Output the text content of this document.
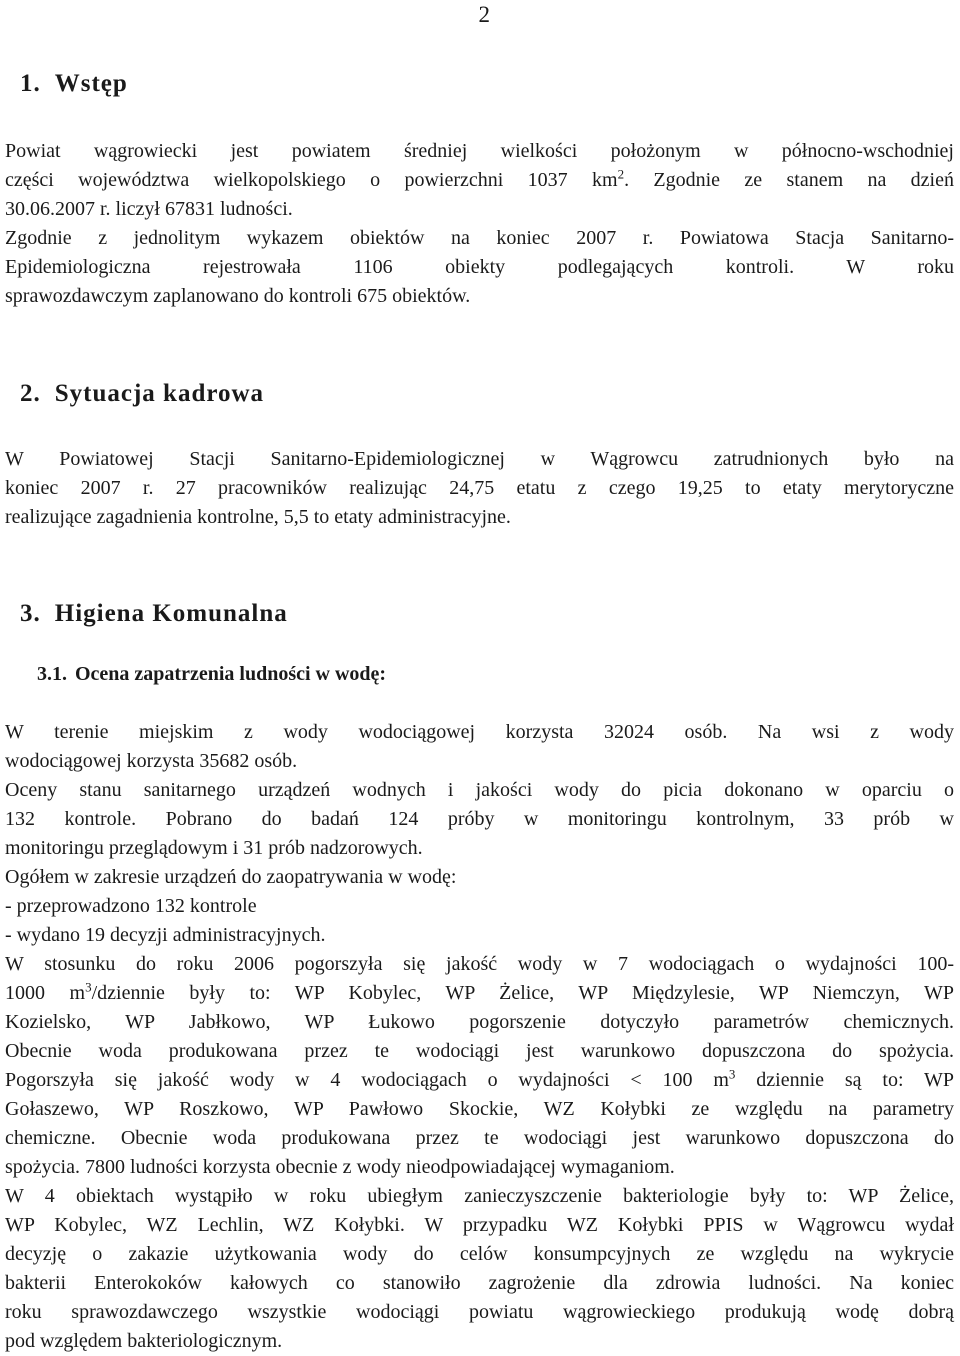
2
1. Wstęp
Powiat wągrowiecki jest powiatem średniej wielkości położonym w północno-wschodniej
części województwa wielkopolskiego o powierzchni 1037 $km^2$. Zgodnie ze stanem na dzień
30.06.2007 r. liczył 67831 ludności.
Zgodnie z jednolitym wykazem obiektów na koniec 2007 r. Powiatowa Stacja Sanitarno-
Epidemiologiczna rejestrowała 1106 obiekty podlegających kontroli. W roku
sprawozdawczym zaplanowano do kontroli 675 obiektów.
2. Sytuacja kadrowa
W Powiatowej Stacji Sanitarno-Epidemiologicznej w Wągrowcu zatrudnionych było na
koniec 2007 r. 27 pracowników realizując 24,75 etatu z czego 19,25 to etaty merytoryczne
realizujące zagadnienia kontrolne, 5,5 to etaty administracyjne.
3. Higiena Komunalna
3.1. Ocena zapatrzenia ludności w wodę:
W terenie miejskim z wody wodociągowej korzysta 32024 osób. Na wsi z wody
wodociągowej korzysta 35682 osób.
Oceny stanu sanitarnego urządzeń wodnych i jakości wody do picia dokonano w oparciu o
132 kontrole. Pobrano do badań 124 próby w monitoringu kontrolnym, 33 prób w
monitoringu przeglądowym i 31 prób nadzorowych.
Ogółem w zakresie urządzeń do zaopatrywania w wodę:
- przeprowadzono 132 kontrole
- wydano 19 decyzji administracyjnych.
W stosunku do roku 2006 pogorszyła się jakość wody w 7 wodociągach o wydajności 100-
1000 $m^3$/dziennie były to: WP Kobylec, WP Żelice, WP Międzylesie, WP Niemczyn, WP
Kozielsko, WP Jabłkowo, WP Łukowo pogorszenie dotyczyło parametrów chemicznych.
Obecnie woda produkowana przez te wodociągi jest warunkowo dopuszczona do spożycia.
Pogorszyła się jakość wody w 4 wodociągach o wydajności < 100 $m^3$ dziennie są to: WP
Gołaszewo, WP Roszkowo, WP Pawłowo Skockie, WZ Kołybki ze względu na parametry
chemiczne. Obecnie woda produkowana przez te wodociągi jest warunkowo dopuszczona do
spożycia. 7800 ludności korzysta obecnie z wody nieodpowiadającej wymaganiom.
W 4 obiektach wystąpiło w roku ubiegłym zanieczyszczenie bakteriologie były to: WP Żelice,
WP Kobylec, WZ Lechlin, WZ Kołybki. W przypadku WZ Kołybki PPIS w Wągrowcu wydał
decyzję o zakazie użytkowania wody do celów konsumpcyjnych ze względu na wykrycie
bakterii Enterokoków kałowych co stanowiło zagrożenie dla zdrowia ludności. Na koniec
roku sprawozdawczego wszystkie wodociągi powiatu wągrowieckiego produkują wodę dobrą
pod względem bakteriologicznym.
